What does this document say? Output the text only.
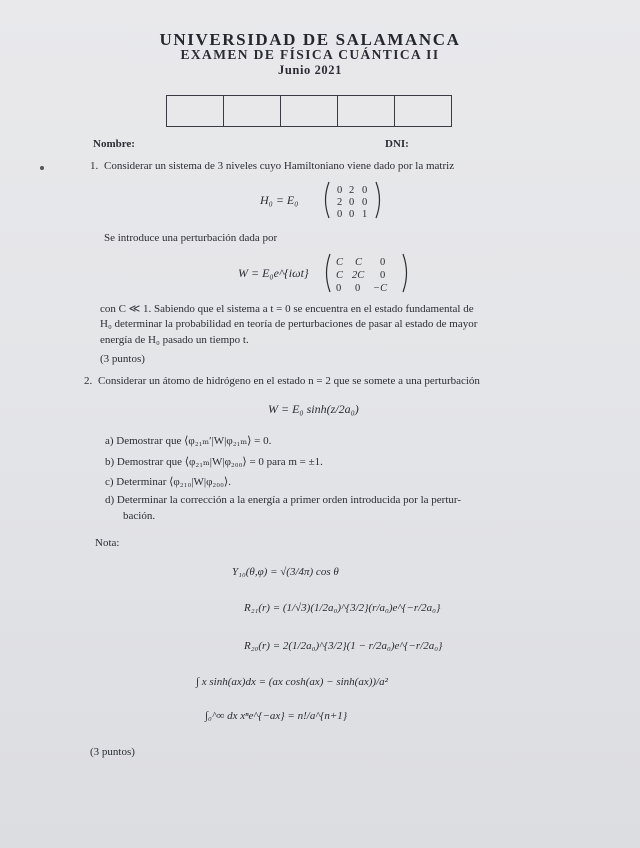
UNIVERSIDAD DE SALAMANCA
EXAMEN DE FÍSICA CUÁNTICA II
Junio 2021
Nombre:	DNI:
1. Considerar un sistema de 3 niveles cuyo Hamiltoniano viene dado por la matriz
H₀ = E₀
0 2 0
2 0 0
0 0 1
Se introduce una perturbación dada por
W = E₀e^{iωt}
C C 0
C 2C 0
0 0 −C
con C ≪ 1. Sabiendo que el sistema a t = 0 se encuentra en el estado fundamental de
H₀ determinar la probabilidad en teoría de perturbaciones de pasar al estado de mayor
energía de H₀ pasado un tiempo t.
(3 puntos)
2. Considerar un átomo de hidrógeno en el estado n = 2 que se somete a una perturbación
W = E₀ sinh(z/2a₀)
a) Demostrar que ⟨φ₂₁ₘ′|W|φ₂₁ₘ⟩ = 0.
b) Demostrar que ⟨φ₂₁ₘ|W|φ₂₀₀⟩ = 0 para m = ±1.
c) Determinar ⟨φ₂₁₀|W|φ₂₀₀⟩.
d) Determinar la corrección a la energía a primer orden introducida por la pertur-
bación.
Nota:
Y₁₀(θ,φ) = √(3/4π) cos θ
R₂₁(r) = (1/√3)(1/2a₀)^{3/2}(r/a₀)e^{−r/2a₀}
R₂₀(r) = 2(1/2a₀)^{3/2}(1 − r/2a₀)e^{−r/2a₀}
∫ x sinh(ax)dx = (ax cosh(ax) − sinh(ax))/a²
∫₀^∞ dx xⁿe^{−ax} = n!/a^{n+1}
(3 puntos)
